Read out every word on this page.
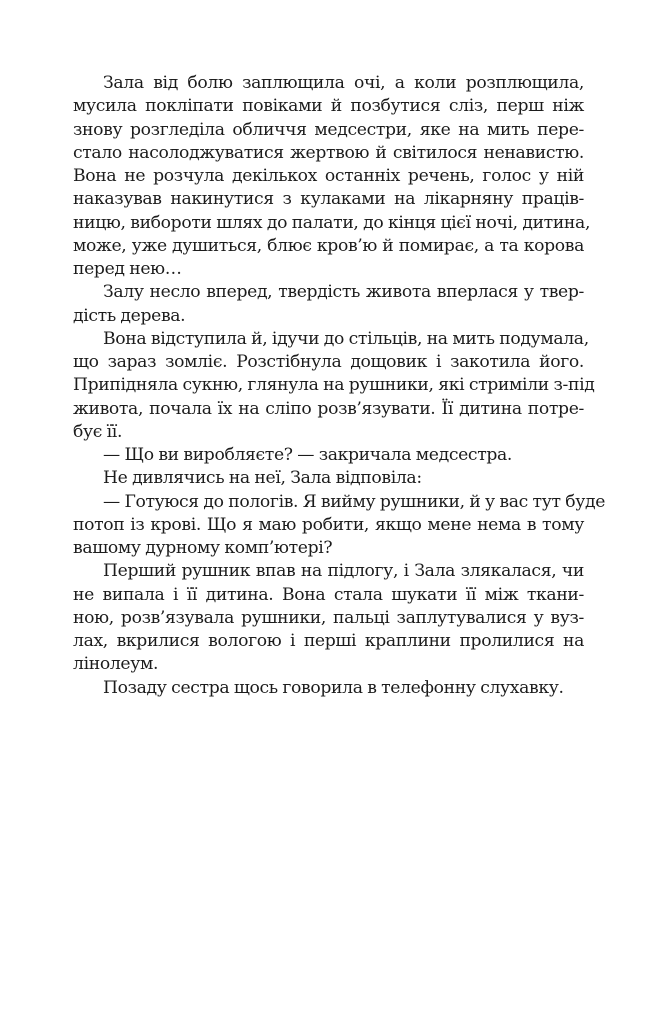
Зала від болю заплющила очі, а коли розплющила,
мусила покліпати повіками й позбутися сліз, перш ніж
знову розгледіла обличчя медсестри, яке на мить пере-
стало насолоджуватися жертвою й світилося ненавистю.
Вона не розчула декількох останніх речень, голос у ній
наказував накинутися з кулаками на лікарняну праців-
ницю, вибороти шлях до палати, до кінця цієї ночі, дитина,
може, уже душиться, блює кров’ю й помирає, а та корова
перед нею…
Залу несло вперед, твердість живота вперлася у твер-
дість дерева.
Вона відступила й, ідучи до стільців, на мить подумала,
що зараз зомліє. Розстібнула дощовик і закотила його.
Припідняла сукню, глянула на рушники, які стриміли з-під
живота, почала їх на сліпо розв’язувати. Її дитина потре-
бує її.
— Що ви виробляєте? — закричала медсестра.
Не дивлячись на неї, Зала відповіла:
— Готуюся до пологів. Я вийму рушники, й у вас тут буде
потоп із крові. Що я маю робити, якщо мене нема в тому
вашому дурному комп’ютері?
Перший рушник впав на підлогу, і Зала злякалася, чи
не випала і її дитина. Вона стала шукати її між ткани-
ною, розв’язувала рушники, пальці заплутувалися у вуз-
лах, вкрилися вологою і перші краплини пролилися на
лінолеум.
Позаду сестра щось говорила в телефонну слухавку.
